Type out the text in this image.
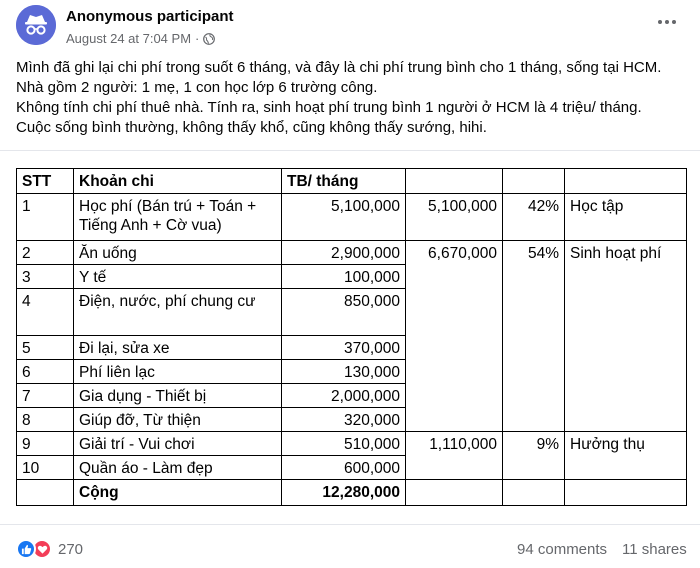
Anonymous participant
August 24 at 7:04 PM ·
Mình đã ghi lại chi phí trong suốt 6 tháng, và đây là chi phí trung bình cho 1 tháng, sống tại HCM.
Nhà gồm 2 người: 1 mẹ, 1 con học lớp 6 trường công.
Không tính chi phí thuê nhà. Tính ra, sinh hoạt phí trung bình 1 người ở HCM là 4 triệu/ tháng.
Cuộc sống bình thường, không thấy khổ, cũng không thấy sướng, hihi.
STT	Khoản chi	TB/ tháng			
1	Học phí (Bán trú + Toán +
Tiếng Anh + Cờ vua)	5,100,000	5,100,000	42%	Học tập
2	Ăn uống	2,900,000	6,670,000	54%	Sinh hoạt phí
3	Y tế	100,000			
4	Điện, nước, phí chung cư	850,000			
5	Đi lại, sửa xe	370,000			
6	Phí liên lạc	130,000			
7	Gia dụng - Thiết bị	2,000,000			
8	Giúp đỡ, Từ thiện	320,000			
9	Giải trí - Vui chơi	510,000	1,110,000	9%	Hưởng thụ
10	Quần áo - Làm đẹp	600,000			
	Cộng	12,280,000			
270	94 comments 11 shares
